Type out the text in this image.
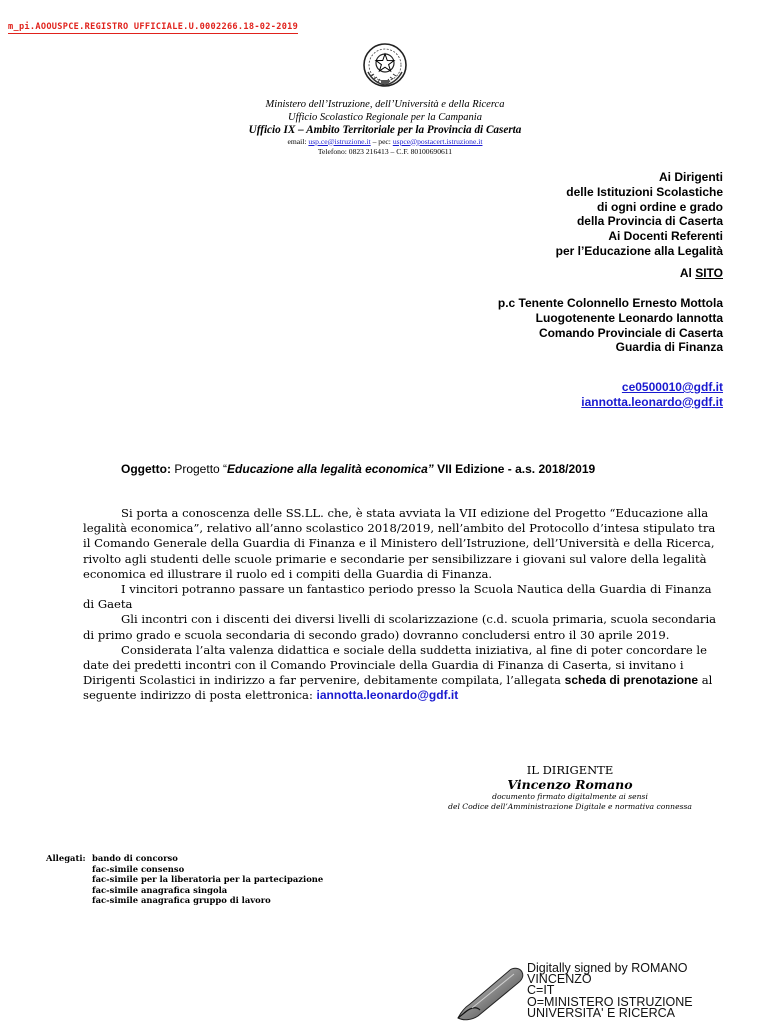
m_pi.AOOUSPCE.REGISTRO UFFICIALE.U.0002266.18-02-2019
Ministero dell’Istruzione, dell’Università e della Ricerca
Ufficio Scolastico Regionale per la Campania
Ufficio IX – Ambito Territoriale per la Provincia di Caserta
email: usp.ce@istruzione.it – pec: uspce@postacert.istruzione.it
Telefono: 0823 216413 – C.F. 80100690611
Ai Dirigenti
delle Istituzioni Scolastiche
di ogni ordine e grado
della Provincia di Caserta
Ai Docenti Referenti
per l’Educazione alla Legalità
Al SITO
p.c Tenente Colonnello Ernesto Mottola
Luogotenente Leonardo Iannotta
Comando Provinciale di Caserta
Guardia di Finanza
ce0500010@gdf.it
iannotta.leonardo@gdf.it
Oggetto: Progetto “Educazione alla legalità economica” VII Edizione - a.s. 2018/2019

Si porta a conoscenza delle SS.LL. che, è stata avviata la VII edizione del Progetto “Educazione alla legalità economica”, relativo all’anno scolastico 2018/2019, nell’ambito del Protocollo d’intesa stipulato tra il Comando Generale della Guardia di Finanza e il Ministero dell’Istruzione, dell’Università e della Ricerca, rivolto agli studenti delle scuole primarie e secondarie per sensibilizzare i giovani sul valore della legalità economica ed illustrare il ruolo ed i compiti della Guardia di Finanza.

I vincitori potranno passare un fantastico periodo presso la Scuola Nautica della Guardia di Finanza di Gaeta

Gli incontri con i discenti dei diversi livelli di scolarizzazione (c.d. scuola primaria, scuola secondaria di primo grado e scuola secondaria di secondo grado) dovranno concludersi entro il 30 aprile 2019.

Considerata l’alta valenza didattica e sociale della suddetta iniziativa, al fine di poter concordare le date dei predetti incontri con il Comando Provinciale della Guardia di Finanza di Caserta, si invitano i Dirigenti Scolastici in indirizzo a far pervenire, debitamente compilata, l’allegata scheda di prenotazione al seguente indirizzo di posta elettronica: iannotta.leonardo@gdf.it

IL DIRIGENTE
Vincenzo Romano
documento firmato digitalmente ai sensi
del Codice dell’Amministrazione Digitale e normativa connessa
Allegati: bando di concorso
fac-simile consenso
fac-simile per la liberatoria per la partecipazione
fac-simile anagrafica singola
fac-simile anagrafica gruppo di lavoro
Digitally signed by ROMANO
VINCENZO
C=IT
O=MINISTERO ISTRUZIONE
UNIVERSITA' E RICERCA
